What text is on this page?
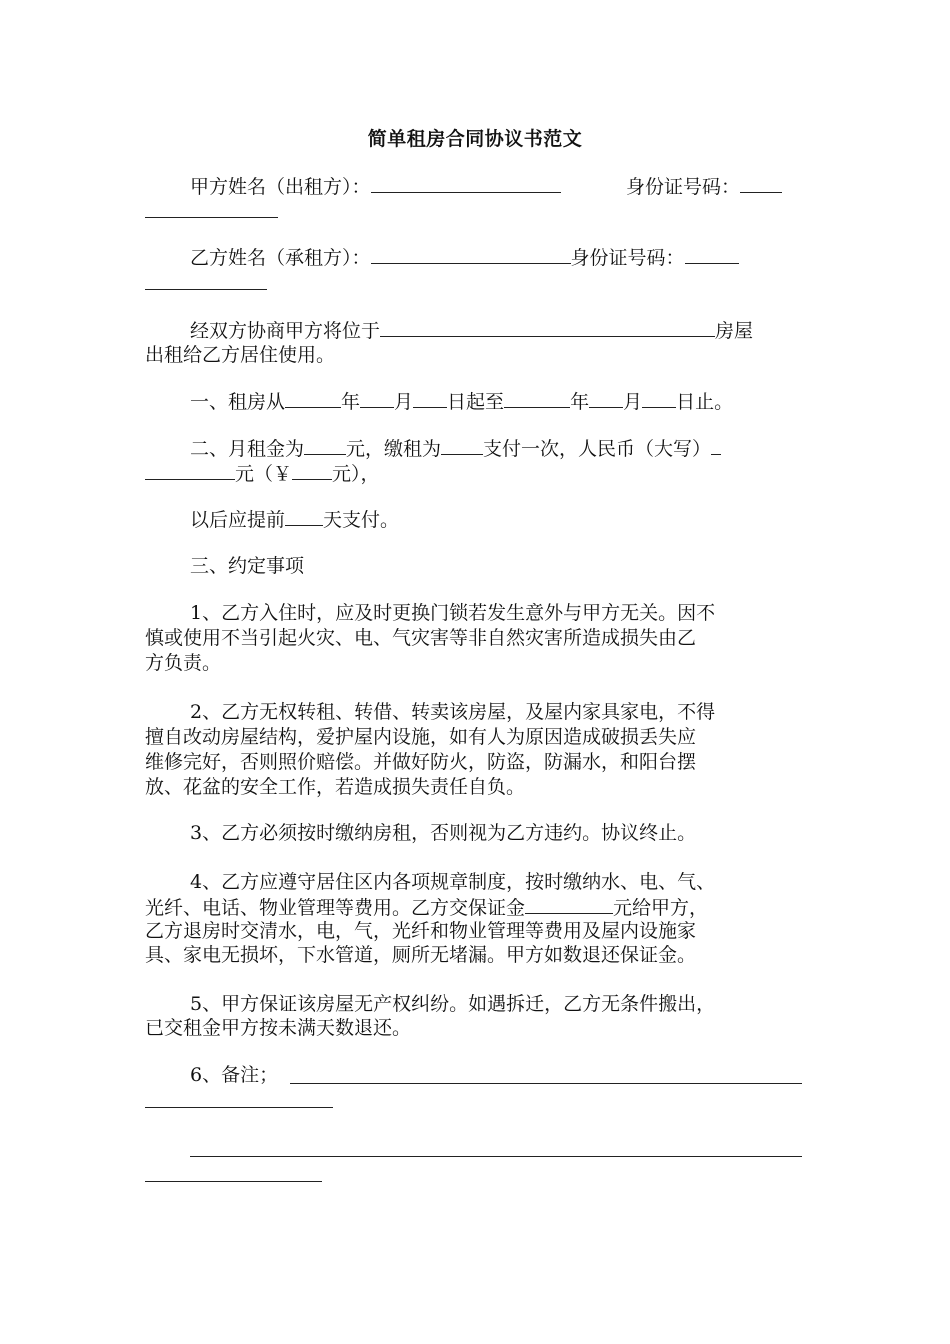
简单租房合同协议书范文
甲方姓名（出租方）：	身份证号码：
乙方姓名（承租方）：	身份证号码：
经双方协商甲方将位于	房屋
出租给乙方居住使用。
一、租房从	年 月 日起至	年 月 日止。
二、月租金为 元，缴租为 支付一次，人民币（大写）
元（￥ 元），
以后应提前 天支付。
三、约定事项
1、乙方入住时，应及时更换门锁若发生意外与甲方无关。因不
慎或使用不当引起火灾、电、气灾害等非自然灾害所造成损失由乙
方负责。
2、乙方无权转租、转借、转卖该房屋，及屋内家具家电，不得
擅自改动房屋结构，爱护屋内设施，如有人为原因造成破损丢失应
维修完好，否则照价赔偿。并做好防火，防盗，防漏水，和阳台摆
放、花盆的安全工作，若造成损失责任自负。
3、乙方必须按时缴纳房租，否则视为乙方违约。协议终止。
4、乙方应遵守居住区内各项规章制度，按时缴纳水、电、气、
光纤、电话、物业管理等费用。乙方交保证金	元给甲方，
乙方退房时交清水，电，气，光纤和物业管理等费用及屋内设施家
具、家电无损坏，下水管道，厕所无堵漏。甲方如数退还保证金。
5、甲方保证该房屋无产权纠纷。如遇拆迁，乙方无条件搬出，
已交租金甲方按未满天数退还。
6、备注；
